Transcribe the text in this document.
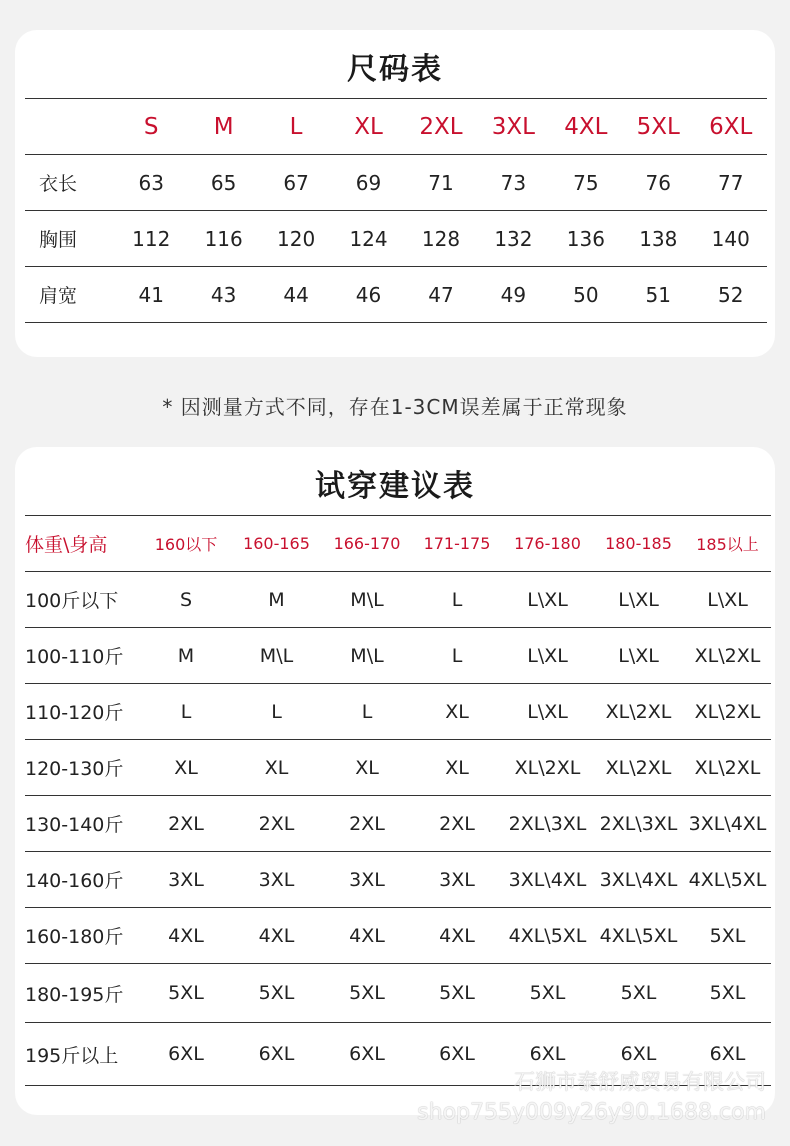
尺码表
	S	M	L	XL	2XL	3XL	4XL	5XL	6XL
衣长	63	65	67	69	71	73	75	76	77
胸围	112	116	120	124	128	132	136	138	140
肩宽	41	43	44	46	47	49	50	51	52
* 因测量方式不同，存在1-3CM误差属于正常现象
试穿建议表
体重\身高	160以下	160-165	166-170	171-175	176-180	180-185	185以上
100斤以下	S	M	M\L	L	L\XL	L\XL	L\XL
100-110斤	M	M\L	M\L	L	L\XL	L\XL	XL\2XL
110-120斤	L	L	L	XL	L\XL	XL\2XL	XL\2XL
120-130斤	XL	XL	XL	XL	XL\2XL	XL\2XL	XL\2XL
130-140斤	2XL	2XL	2XL	2XL	2XL\3XL	2XL\3XL	3XL\4XL
140-160斤	3XL	3XL	3XL	3XL	3XL\4XL	3XL\4XL	4XL\5XL
160-180斤	4XL	4XL	4XL	4XL	4XL\5XL	4XL\5XL	5XL
180-195斤	5XL	5XL	5XL	5XL	5XL	5XL	5XL
195斤以上	6XL	6XL	6XL	6XL	6XL	6XL	6XL
石狮市泰舒威贸易有限公司
shop755y009y26y90.1688.com
